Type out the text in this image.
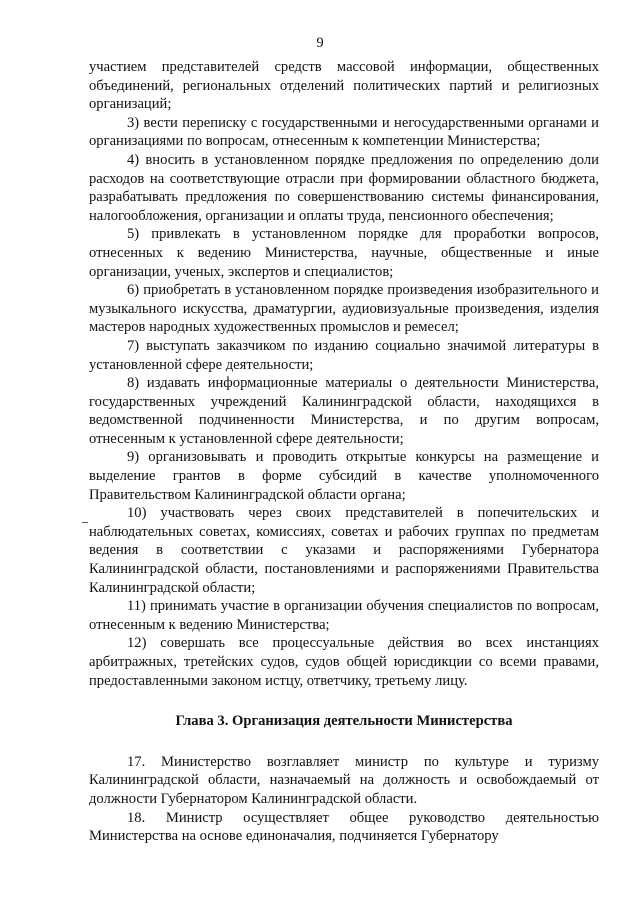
9

участием представителей средств массовой информации, общественных объединений, региональных отделений политических партий и религиозных организаций;

3) вести переписку с государственными и негосударственными органами и организациями по вопросам, отнесенным к компетенции Министерства;

4) вносить в установленном порядке предложения по определению доли расходов на соответствующие отрасли при формировании областного бюджета, разрабатывать предложения по совершенствованию системы финансирования, налогообложения, организации и оплаты труда, пенсионного обеспечения;

5) привлекать в установленном порядке для проработки вопросов, отнесенных к ведению Министерства, научные, общественные и иные организации, ученых, экспертов и специалистов;

6) приобретать в установленном порядке произведения изобразительного и музыкального искусства, драматургии, аудиовизуальные произведения, изделия мастеров народных художественных промыслов и ремесел;

7) выступать заказчиком по изданию социально значимой литературы в установленной сфере деятельности;

8) издавать информационные материалы о деятельности Министерства, государственных учреждений Калининградской области, находящихся в ведомственной подчиненности Министерства, и по другим вопросам, отнесенным к установленной сфере деятельности;

9) организовывать и проводить открытые конкурсы на размещение и выделение грантов в форме субсидий в качестве уполномоченного Правительством Калининградской области органа;

10) участвовать через своих представителей в попечительских и наблюдательных советах, комиссиях, советах и рабочих группах по предметам ведения в соответствии с указами и распоряжениями Губернатора Калининградской области, постановлениями и распоряжениями Правительства Калининградской области;

11) принимать участие в организации обучения специалистов по вопросам, отнесенным к ведению Министерства;

12) совершать все процессуальные действия во всех инстанциях арбитражных, третейских судов, судов общей юрисдикции со всеми правами, предоставленными законом истцу, ответчику, третьему лицу.

Глава 3. Организация деятельности Министерства

17. Министерство возглавляет министр по культуре и туризму Калининградской области, назначаемый на должность и освобождаемый от должности Губернатором Калининградской области.

18. Министр осуществляет общее руководство деятельностью Министерства на основе единоначалия, подчиняется Губернатору
